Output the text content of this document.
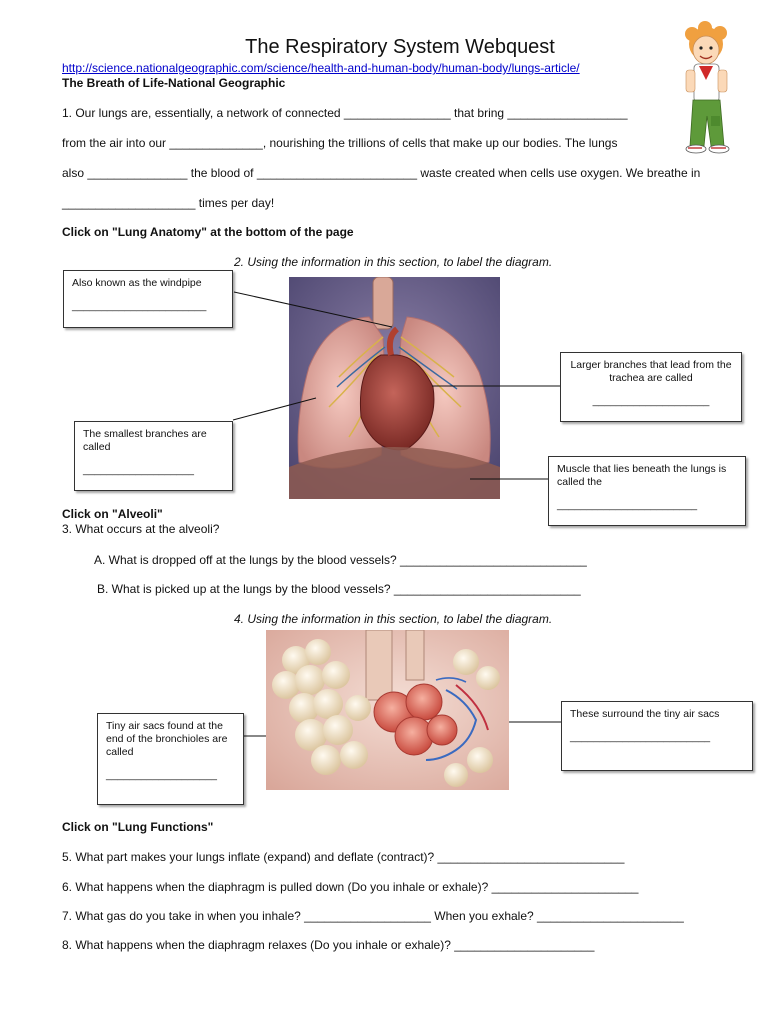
The Respiratory System Webquest
http://science.nationalgeographic.com/science/health-and-human-body/human-body/lungs-article/
The Breath of Life-National Geographic
1. Our lungs are, essentially, a network of connected ________________ that bring __________________
from the air into our ______________, nourishing the trillions of cells that make up our bodies. The lungs
also _______________ the blood of ________________________ waste created when cells use oxygen. We breathe in
____________________ times per day!
Click on "Lung Anatomy" at the bottom of the page
2. Using the information in this section, to label the diagram.
Also known as the windpipe
_______________________
Larger branches that lead from the trachea are called
____________________
The smallest branches are called
___________________	Muscle that lies beneath the lungs is called the
________________________
Click on "Alveoli"
3. What occurs at the alveoli?
A. What is dropped off at the lungs by the blood vessels? ____________________________
B. What is picked up at the lungs by the blood vessels? ____________________________
4. Using the information in this section, to label the diagram.
Tiny air sacs found at the end of the bronchioles are called
___________________
These surround the tiny air sacs
________________________
Click on "Lung Functions"
5. What part makes your lungs inflate (expand) and deflate (contract)? ____________________________
6. What happens when the diaphragm is pulled down (Do you inhale or exhale)? ______________________
7. What gas do you take in when you inhale? ___________________ When you exhale? ______________________
8. What happens when the diaphragm relaxes (Do you inhale or exhale)? _____________________
